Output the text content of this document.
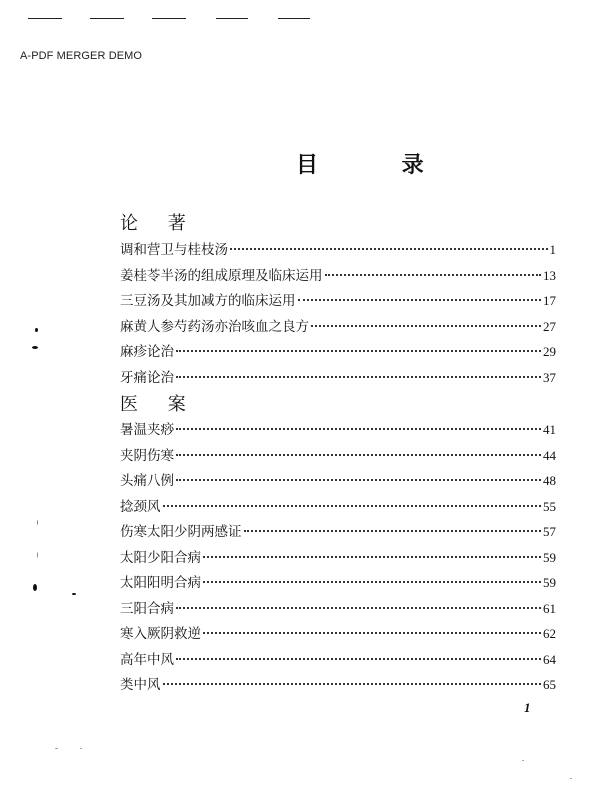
A-PDF MERGER DEMO
目 录
论 著
调和营卫与桂枝汤	1
姜桂苓半汤的组成原理及临床运用	13
三豆汤及其加减方的临床运用	17
麻黄人参芍药汤亦治咳血之良方	27
麻疹论治	29
牙痛论治	37
医 案
暑温夹痧	41
夹阴伤寒	44
头痛八例	48
捻颈风	55
伤寒太阳少阴两感证	57
太阳少阳合病	59
太阳阳明合病	59
三阳合病	61
寒入厥阴救逆	62
高年中风	64
类中风	65
1
